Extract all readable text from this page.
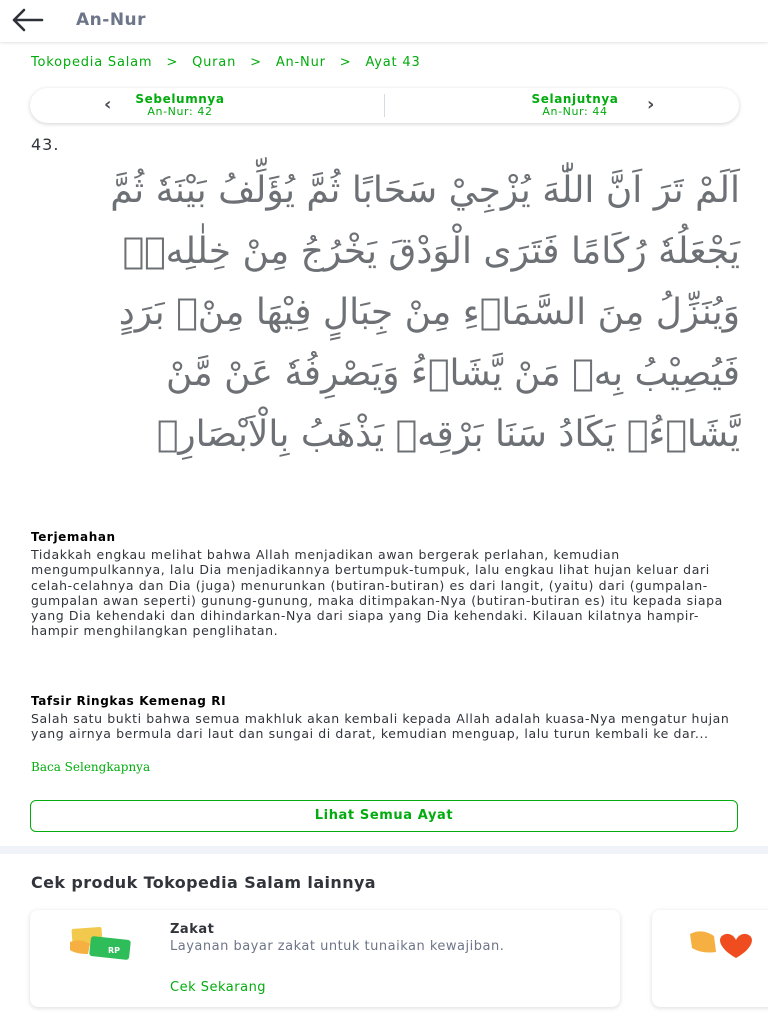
An-Nur
Tokopedia Salam > Quran > An-Nur > Ayat 43
‹	Sebelumnya
An-Nur: 42
Selanjutnya
An-Nur: 44	›
43.
اَلَمْ تَرَ اَنَّ اللّٰهَ يُزْجِيْ سَحَابًا ثُمَّ يُؤَلِّفُ بَيْنَهٗ ثُمَّ يَجْعَلُهٗ رُكَامًا فَتَرَى الْوَدْقَ يَخْرُجُ مِنْ خِلٰلِهٖۚ وَيُنَزِّلُ مِنَ السَّمَاۤءِ مِنْ جِبَالٍ فِيْهَا مِنْۢ بَرَدٍ فَيُصِيْبُ بِهٖ مَنْ يَّشَاۤءُ وَيَصْرِفُهٗ عَنْ مَّنْ يَّشَاۤءُۗ يَكَادُ سَنَا بَرْقِهٖ يَذْهَبُ بِالْاَبْصَارِۗ
Terjemahan
Tidakkah engkau melihat bahwa Allah menjadikan awan bergerak perlahan, kemudian mengumpulkannya, lalu Dia menjadikannya bertumpuk-tumpuk, lalu engkau lihat hujan keluar dari celah-celahnya dan Dia (juga) menurunkan (butiran-butiran) es dari langit, (yaitu) dari (gumpalan-gumpalan awan seperti) gunung-gunung, maka ditimpakan-Nya (butiran-butiran es) itu kepada siapa yang Dia kehendaki dan dihindarkan-Nya dari siapa yang Dia kehendaki. Kilauan kilatnya hampir-hampir menghilangkan penglihatan.
Tafsir Ringkas Kemenag RI
Salah satu bukti bahwa semua makhluk akan kembali kepada Allah adalah kuasa-Nya mengatur hujan yang airnya bermula dari laut dan sungai di darat, kemudian menguap, lalu turun kembali ke dar...
Baca Selengkapnya
Lihat Semua Ayat
Cek produk Tokopedia Salam lainnya
RP
Zakat
Layanan bayar zakat untuk tunaikan kewajiban.
Cek Sekarang
